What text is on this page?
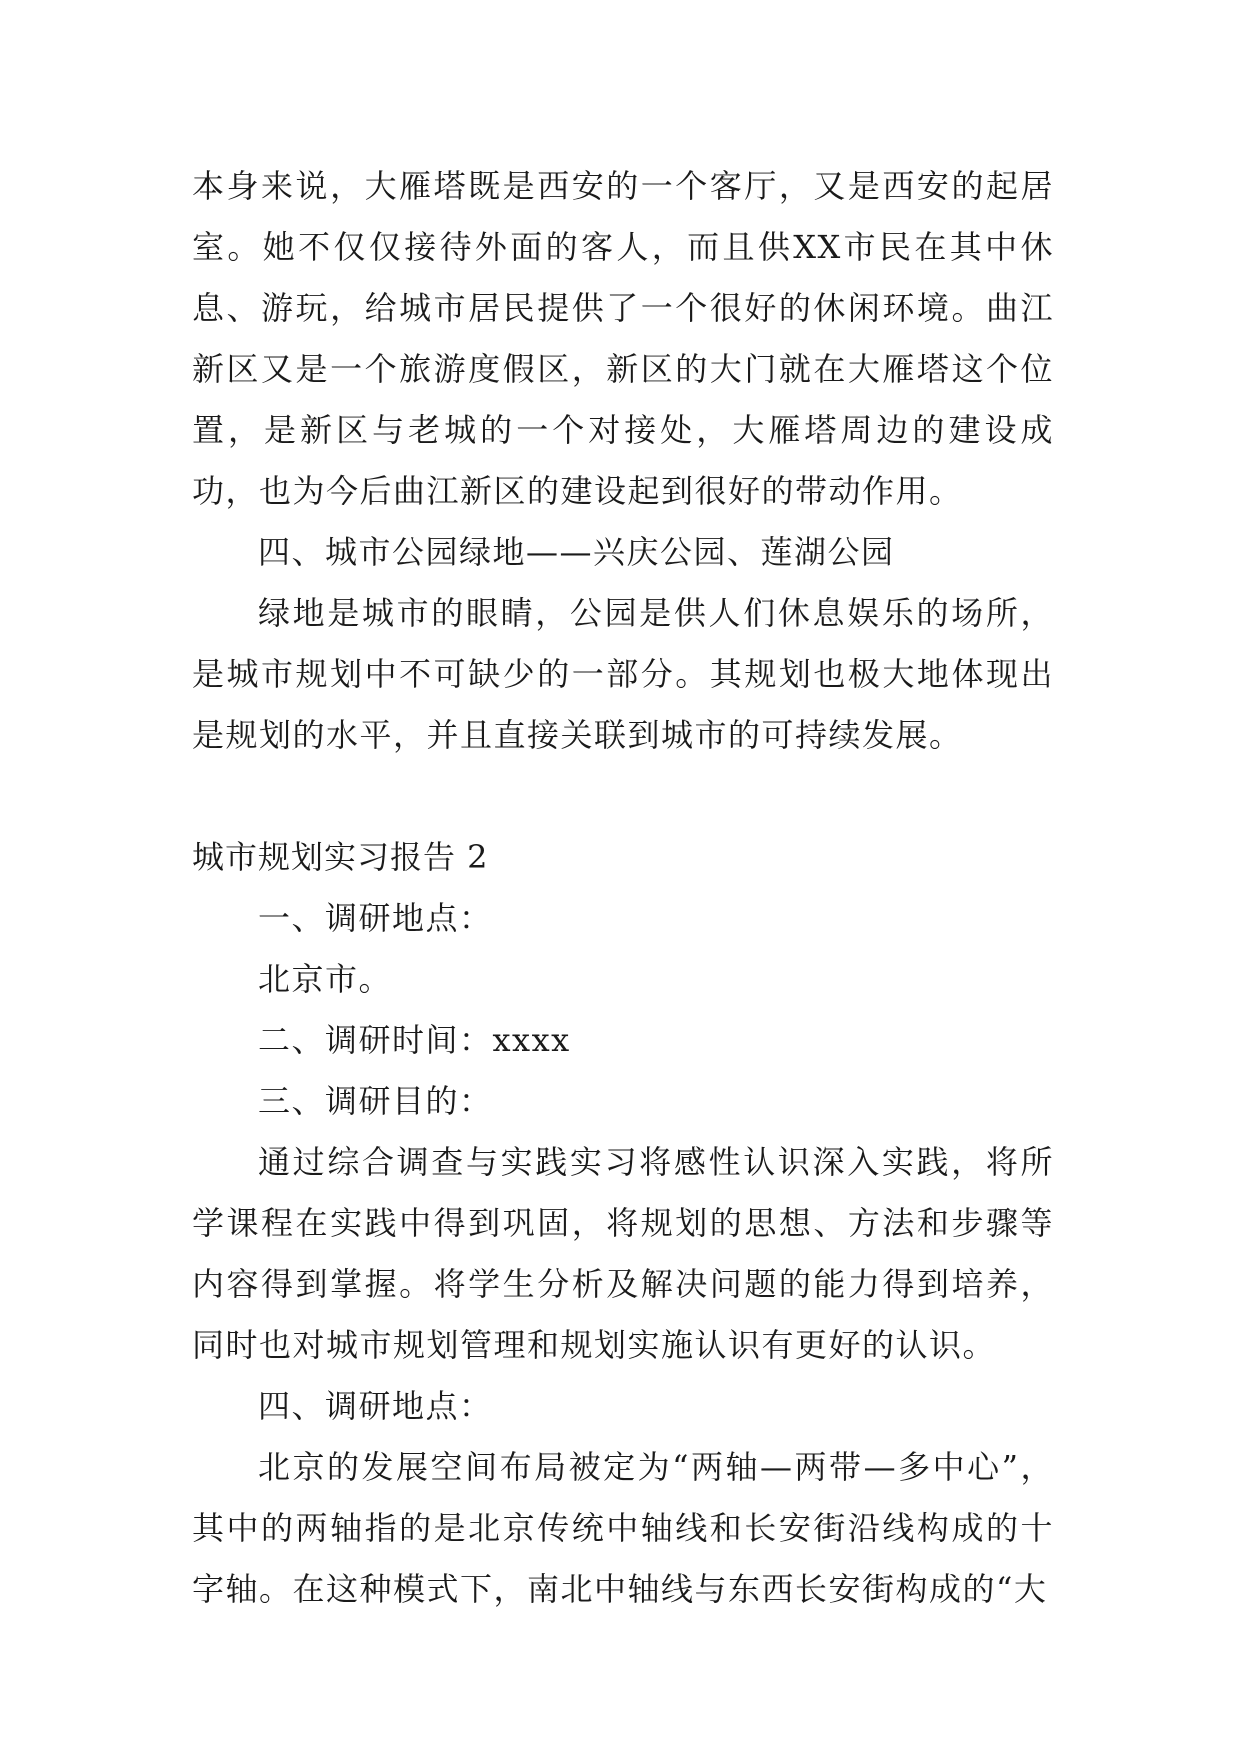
本身来说，大雁塔既是西安的一个客厅，又是西安的起居室。她不仅仅接待外面的客人，而且供XX市民在其中休息、游玩，给城市居民提供了一个很好的休闲环境。曲江新区又是一个旅游度假区，新区的大门就在大雁塔这个位置，是新区与老城的一个对接处，大雁塔周边的建设成功，也为今后曲江新区的建设起到很好的带动作用。

四、城市公园绿地——兴庆公园、莲湖公园

绿地是城市的眼睛，公园是供人们休息娱乐的场所，是城市规划中不可缺少的一部分。其规划也极大地体现出是规划的水平，并且直接关联到城市的可持续发展。

城市规划实习报告 2

一、调研地点：

北京市。

二、调研时间：xxxx

三、调研目的：

通过综合调查与实践实习将感性认识深入实践，将所学课程在实践中得到巩固，将规划的思想、方法和步骤等内容得到掌握。将学生分析及解决问题的能力得到培养，同时也对城市规划管理和规划实施认识有更好的认识。

四、调研地点：

北京的发展空间布局被定为“两轴—两带—多中心”，其中的两轴指的是北京传统中轴线和长安街沿线构成的十字轴。在这种模式下，南北中轴线与东西长安街构成的“大
